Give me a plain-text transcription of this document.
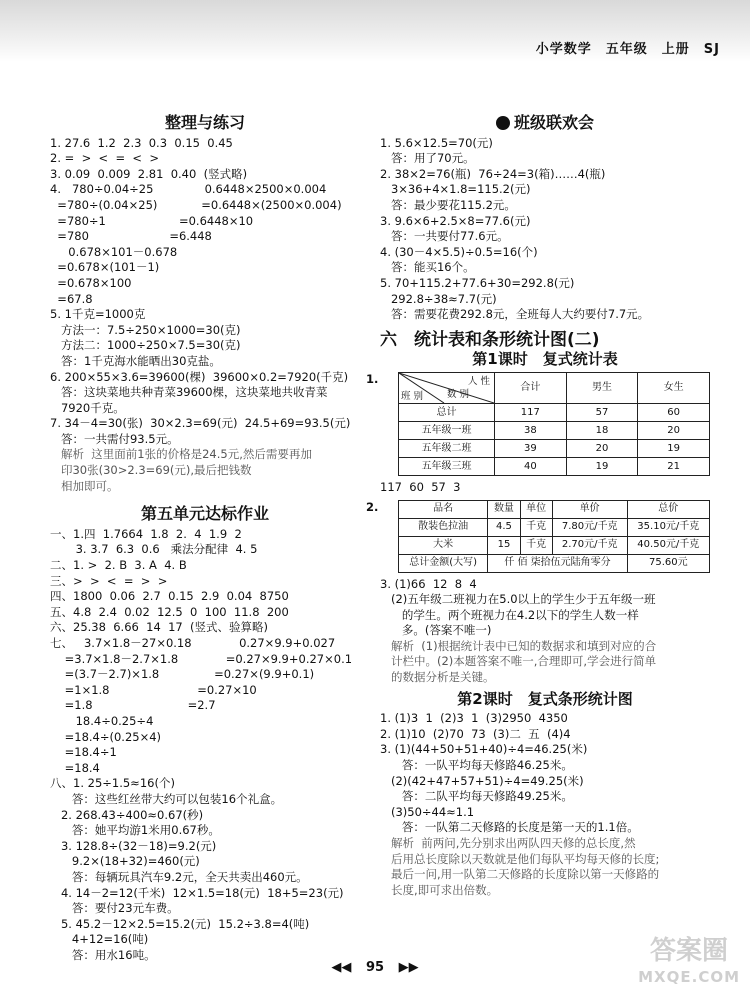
小学数学　五年级　上册　SJ
整理与练习
1. 27.6  1.2  2.3  0.3  0.15  0.45
2. =  >  <  =  <  >
3. 0.09  0.009  2.81  0.40  (竖式略)
4.   780÷0.04÷25              0.6448×2500×0.004
=780÷(0.04×25)            =0.6448×(2500×0.004)
=780÷1                    =0.6448×10
=780                      =6.448
0.678×101－0.678
=0.678×(101－1)
=0.678×100
=67.8
5. 1千克=1000克
方法一：7.5÷250×1000=30(克)
方法二：1000÷250×7.5=30(克)
答：1千克海水能晒出30克盐。
6. 200×55×3.6=39600(棵)  39600×0.2=7920(千克)
答：这块菜地共种青菜39600棵，这块菜地共收青菜
7920千克。
7. 34－4=30(张)  30×2.3=69(元)  24.5+69=93.5(元)
答：一共需付93.5元。
解析  这里面前1张的价格是24.5元,然后需要再加
印30张(30>2.3=69(元),最后把钱数
相加即可。
第五单元达标作业
一、1.四  1.7664  1.8  2.  4  1.9  2
3. 3.7  6.3  0.6   乘法分配律  4. 5
二、1. >  2. B  3. A  4. B
三、>  >  <  =  >  >
四、1800  0.06  2.7  0.15  2.9  0.04  8750
五、4.8  2.4  0.02  12.5  0  100  11.8  200
六、25.38  6.66  14  17  (竖式、验算略)
七、   3.7×1.8－27×0.18             0.27×9.9+0.027
=3.7×1.8－2.7×1.8             =0.27×9.9+0.27×0.1
=(3.7－2.7)×1.8               =0.27×(9.9+0.1)
=1×1.8                        =0.27×10
=1.8                          =2.7
18.4÷0.25÷4
=18.4÷(0.25×4)
=18.4÷1
=18.4
八、1. 25÷1.5≈16(个)
答：这些红丝带大约可以包装16个礼盒。
2. 268.43÷400≈0.67(秒)
答：她平均游1米用0.67秒。
3. 128.8÷(32－18)=9.2(元)
9.2×(18+32)=460(元)
答：每辆玩具汽车9.2元，全天共卖出460元。
4. 14－2=12(千米)  12×1.5=18(元)  18+5=23(元)
答：要付23元车费。
5. 45.2－12×2.5=15.2(元)  15.2÷3.8=4(吨)
4+12=16(吨)
答：用水16吨。
班级联欢会
1. 5.6×12.5=70(元)
答：用了70元。
2. 38×2=76(瓶)  76÷24=3(箱)……4(瓶)
3×36+4×1.8=115.2(元)
答：最少要花115.2元。
3. 9.6×6+2.5×8=77.6(元)
答：一共要付77.6元。
4. (30－4×5.5)÷0.5=16(个)
答：能买16个。
5. 70+115.2+77.6+30=292.8(元)
292.8÷38≈7.7(元)
答：需要花费292.8元，全班每人大约要付7.7元。
六　统计表和条形统计图(二)
第1课时　复式统计表
1.	人 性
数 别
班 别	合计	男生	女生
总计	117	57	60
五年级一班	38	18	20
五年级二班	39	20	19
五年级三班	40	19	21
117  60  57  3
2.	品名	数量	单位	单价	总价
散装色拉油	4.5	千克	7.80元/千克	35.10元/千克
大米	15	千克	2.70元/千克	40.50元/千克
总计金额(大写)	仟 佰 柒拾伍元陆角零分			75.60元
3. (1)66  12  8  4
(2)五年级二班视力在5.0以上的学生少于五年级一班
的学生。两个班视力在4.2以下的学生人数一样
多。(答案不唯一)
解析  (1)根据统计表中已知的数据求和填到对应的合
计栏中。(2)本题答案不唯一,合理即可,学会进行简单
的数据分析是关键。
第2课时　复式条形统计图
1. (1)3  1  (2)3  1  (3)2950  4350
2. (1)10  (2)70  73  (3)二  五  (4)4
3. (1)(44+50+51+40)÷4=46.25(米)
答：一队平均每天修路46.25米。
(2)(42+47+57+51)÷4=49.25(米)
答：二队平均每天修路49.25米。
(3)50÷44≈1.1
答：一队第二天修路的长度是第一天的1.1倍。
解析  前两问,先分别求出两队四天修的总长度,然
后用总长度除以天数就是他们每队平均每天修的长度;
最后一问,用一队第二天修路的长度除以第一天修路的
长度,即可求出倍数。
◀◀ 95 ▶▶
答案圈
MXQE.COM
